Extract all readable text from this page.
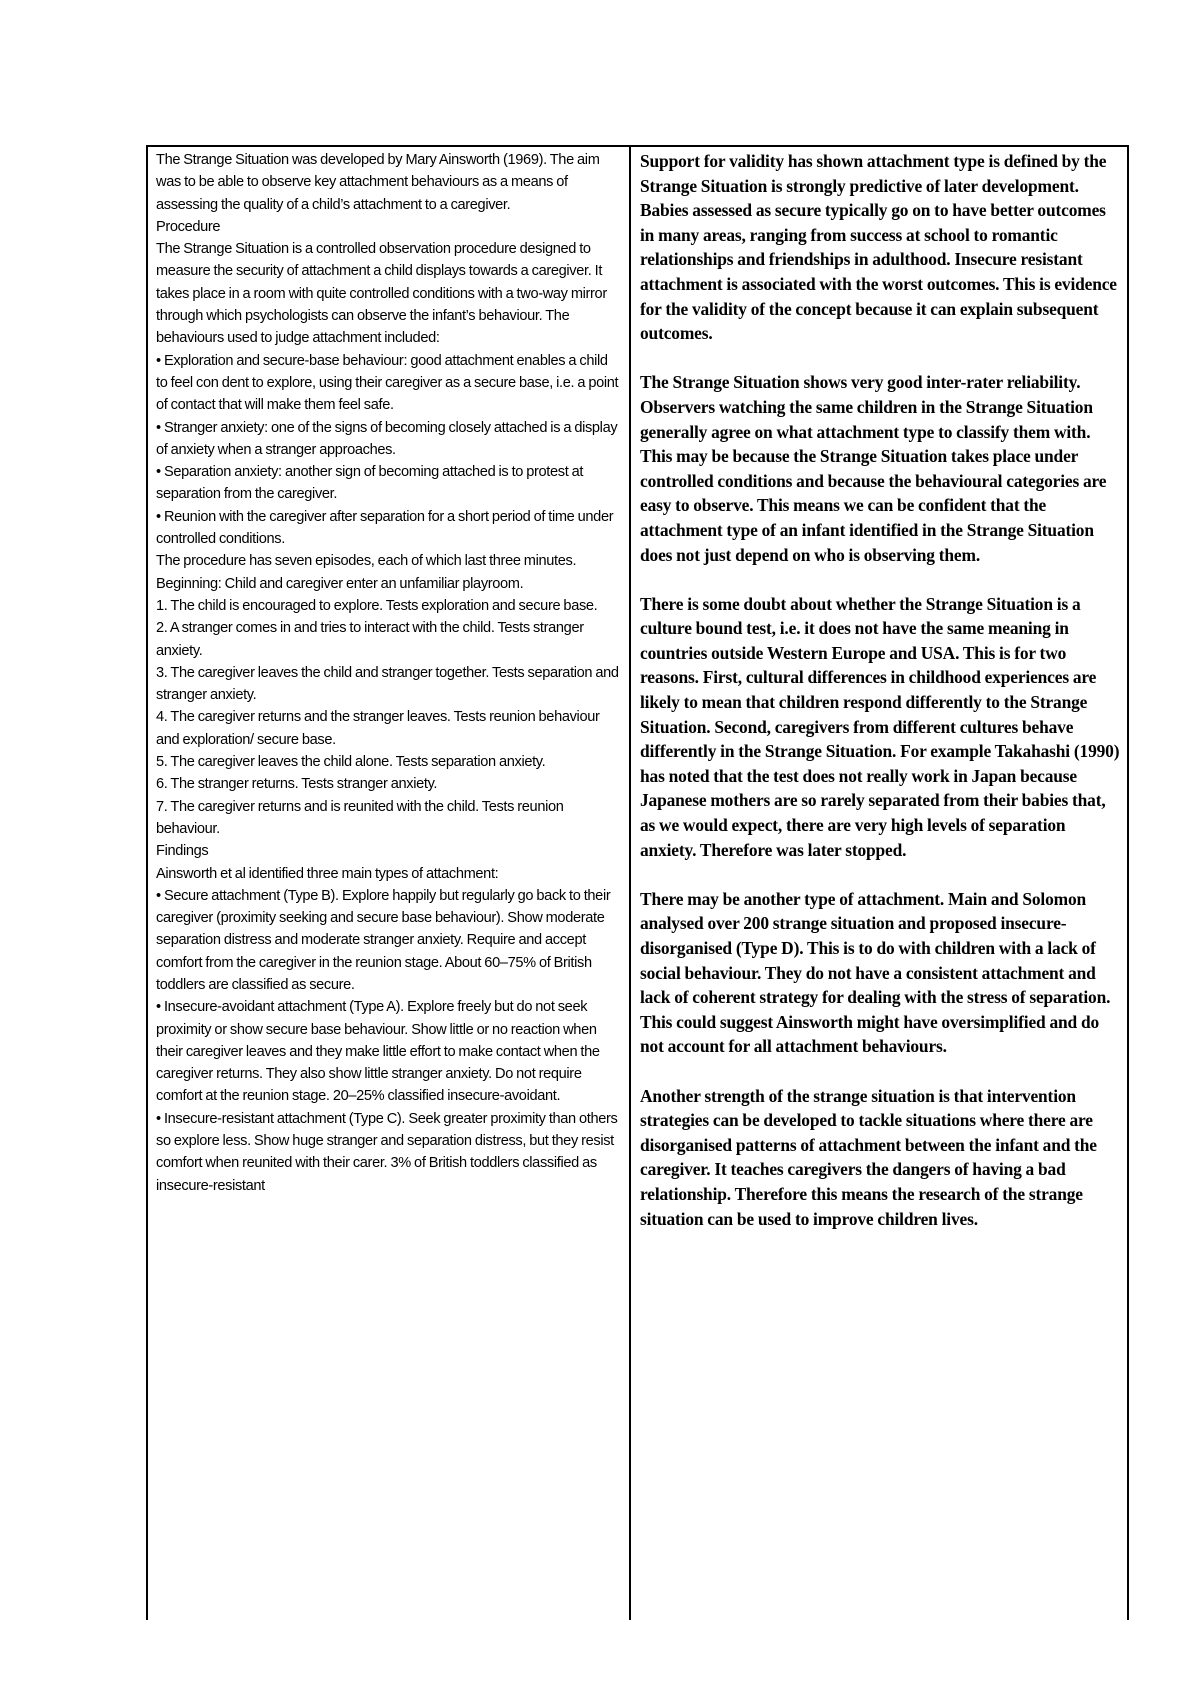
The Strange Situation was developed by Mary Ainsworth (1969). The aim was to be able to observe key attachment behaviours as a means of assessing the quality of a child’s attachment to a caregiver.

Procedure

The Strange Situation is a controlled observation procedure designed to measure the security of attachment a child displays towards a caregiver. It takes place in a room with quite controlled conditions with a two-way mirror through which psychologists can observe the infant’s behaviour. The behaviours used to judge attachment included:

• Exploration and secure-base behaviour: good attachment enables a child to feel con dent to explore, using their caregiver as a secure base, i.e. a point of contact that will make them feel safe.

• Stranger anxiety: one of the signs of becoming closely attached is a display of anxiety when a stranger approaches.

• Separation anxiety: another sign of becoming attached is to protest at separation from the caregiver.

• Reunion with the caregiver after separation for a short period of time under controlled conditions.

The procedure has seven episodes, each of which last three minutes. Beginning: Child and caregiver enter an unfamiliar playroom.

1. The child is encouraged to explore. Tests exploration and secure base.

2. A stranger comes in and tries to interact with the child. Tests stranger anxiety.

3. The caregiver leaves the child and stranger together. Tests separation and stranger anxiety.

4. The caregiver returns and the stranger leaves. Tests reunion behaviour and exploration/ secure base.

5. The caregiver leaves the child alone. Tests separation anxiety.

6. The stranger returns. Tests stranger anxiety.

7. The caregiver returns and is reunited with the child. Tests reunion behaviour.

Findings

Ainsworth et al identified three main types of attachment:

• Secure attachment (Type B). Explore happily but regularly go back to their caregiver (proximity seeking and secure base behaviour). Show moderate separation distress and moderate stranger anxiety. Require and accept comfort from the caregiver in the reunion stage. About 60–75% of British toddlers are classified as secure.

• Insecure-avoidant attachment (Type A). Explore freely but do not seek proximity or show secure base behaviour. Show little or no reaction when their caregiver leaves and they make little effort to make contact when the caregiver returns. They also show little stranger anxiety. Do not require comfort at the reunion stage. 20–25% classified insecure-avoidant.

• Insecure-resistant attachment (Type C). Seek greater proximity than others so explore less. Show huge stranger and separation distress, but they resist comfort when reunited with their carer. 3% of British toddlers classified as insecure-resistant

Support for validity has shown attachment type is defined by the Strange Situation is strongly predictive of later development. Babies assessed as secure typically go on to have better outcomes in many areas, ranging from success at school to romantic relationships and friendships in adulthood. Insecure resistant attachment is associated with the worst outcomes. This is evidence for the validity of the concept because it can explain subsequent outcomes.

The Strange Situation shows very good inter-rater reliability. Observers watching the same children in the Strange Situation generally agree on what attachment type to classify them with. This may be because the Strange Situation takes place under controlled conditions and because the behavioural categories are easy to observe. This means we can be confident that the attachment type of an infant identified in the Strange Situation does not just depend on who is observing them.

There is some doubt about whether the Strange Situation is a culture bound test, i.e. it does not have the same meaning in countries outside Western Europe and USA. This is for two reasons. First, cultural differences in childhood experiences are likely to mean that children respond differently to the Strange Situation. Second, caregivers from different cultures behave differently in the Strange Situation. For example Takahashi (1990) has noted that the test does not really work in Japan because Japanese mothers are so rarely separated from their babies that, as we would expect, there are very high levels of separation anxiety. Therefore was later stopped.

There may be another type of attachment. Main and Solomon analysed over 200 strange situation and proposed insecure-disorganised (Type D). This is to do with children with a lack of social behaviour. They do not have a consistent attachment and lack of coherent strategy for dealing with the stress of separation. This could suggest Ainsworth might have oversimplified and do not account for all attachment behaviours.

Another strength of the strange situation is that intervention strategies can be developed to tackle situations where there are disorganised patterns of attachment between the infant and the caregiver. It teaches caregivers the dangers of having a bad relationship. Therefore this means the research of the strange situation can be used to improve children lives.
